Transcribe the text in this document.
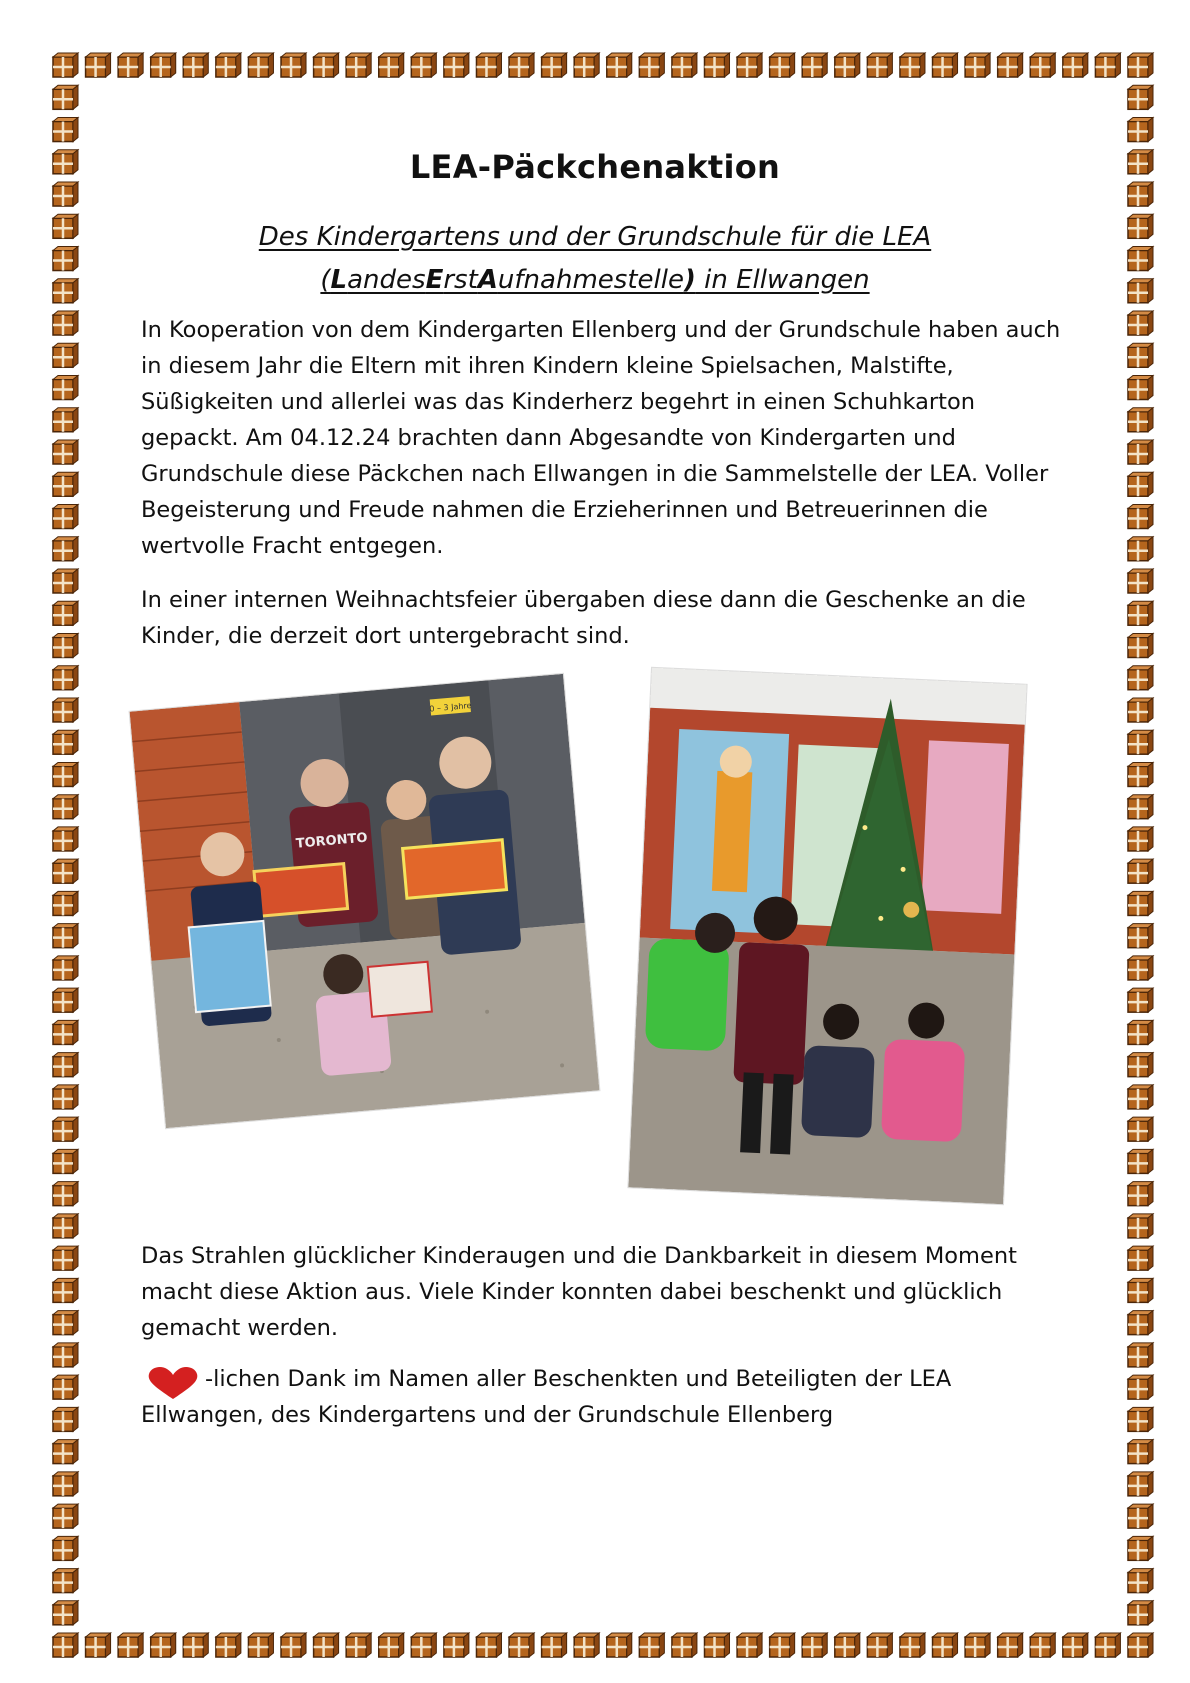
LEA-Päckchenaktion
Des Kindergartens und der Grundschule für die LEA
(LandesErstAufnahmestelle) in Ellwangen

In Kooperation von dem Kindergarten Ellenberg und der Grundschule haben auch in diesem Jahr die Eltern mit ihren Kindern kleine Spielsachen, Malstifte, Süßigkeiten und allerlei was das Kinderherz begehrt in einen Schuhkarton gepackt. Am 04.12.24 brachten dann Abgesandte von Kindergarten und Grundschule diese Päckchen nach Ellwangen in die Sammelstelle der LEA. Voller Begeisterung und Freude nahmen die Erzieherinnen und Betreuerinnen die wertvolle Fracht entgegen.

In einer internen Weihnachtsfeier übergaben diese dann die Geschenke an die Kinder, die derzeit dort untergebracht sind.

0 – 3 Jahre
TORONTO

Das Strahlen glücklicher Kinderaugen und die Dankbarkeit in diesem Moment macht diese Aktion aus. Viele Kinder konnten dabei beschenkt und glücklich gemacht werden.

-lichen Dank im Namen aller Beschenkten und Beteiligten der LEA Ellwangen, des Kindergartens und der Grundschule Ellenberg
